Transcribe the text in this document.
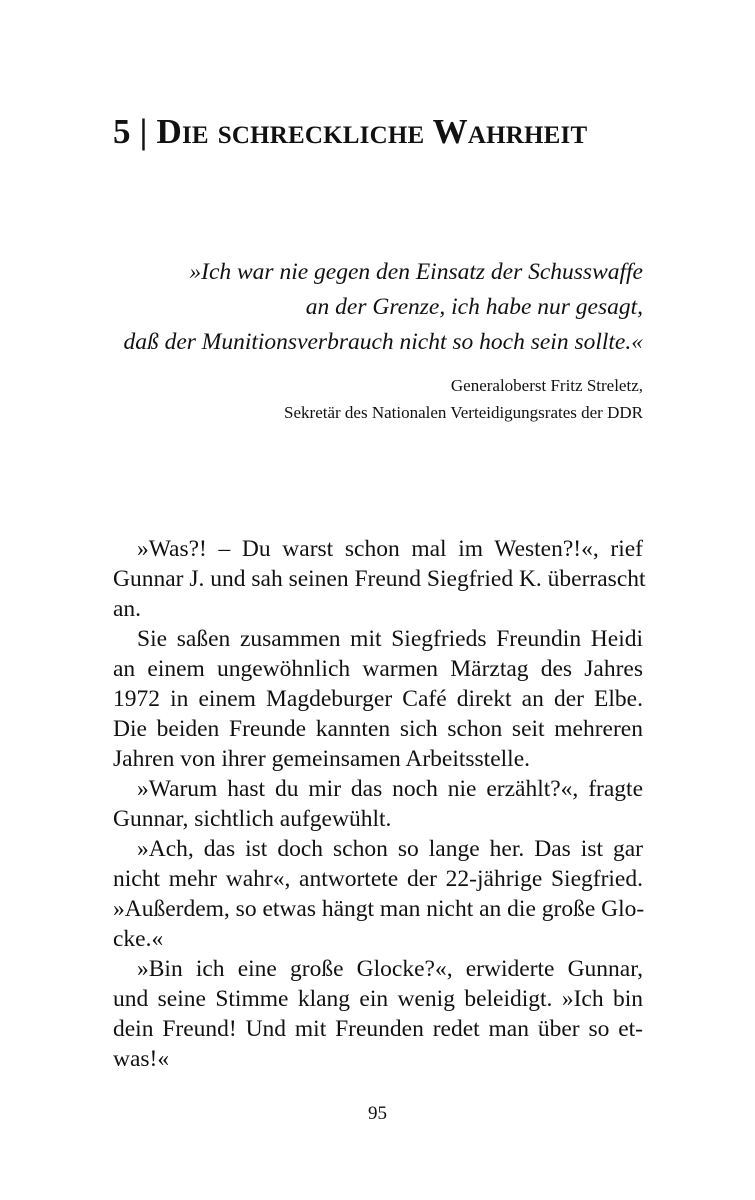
5 | Die schreckliche Wahrheit
»Ich war nie gegen den Einsatz der Schusswaffe
an der Grenze, ich habe nur gesagt,
daß der Munitionsverbrauch nicht so hoch sein sollte.«
Generaloberst Fritz Streletz,
Sekretär des Nationalen Verteidigungsrates der DDR
»Was?! – Du warst schon mal im Westen?!«, rief
Gunnar J. und sah seinen Freund Siegfried K. überrascht
an.
Sie saßen zusammen mit Siegfrieds Freundin Heidi
an einem ungewöhnlich warmen Märztag des Jahres
1972 in einem Magdeburger Café direkt an der Elbe.
Die beiden Freunde kannten sich schon seit mehreren
Jahren von ihrer gemeinsamen Arbeitsstelle.
»Warum hast du mir das noch nie erzählt?«, fragte
Gunnar, sichtlich aufgewühlt.
»Ach, das ist doch schon so lange her. Das ist gar
nicht mehr wahr«, antwortete der 22-jährige Siegfried.
»Außerdem, so etwas hängt man nicht an die große Glo-
cke.«
»Bin ich eine große Glocke?«, erwiderte Gunnar,
und seine Stimme klang ein wenig beleidigt. »Ich bin
dein Freund! Und mit Freunden redet man über so et-
was!«
95
